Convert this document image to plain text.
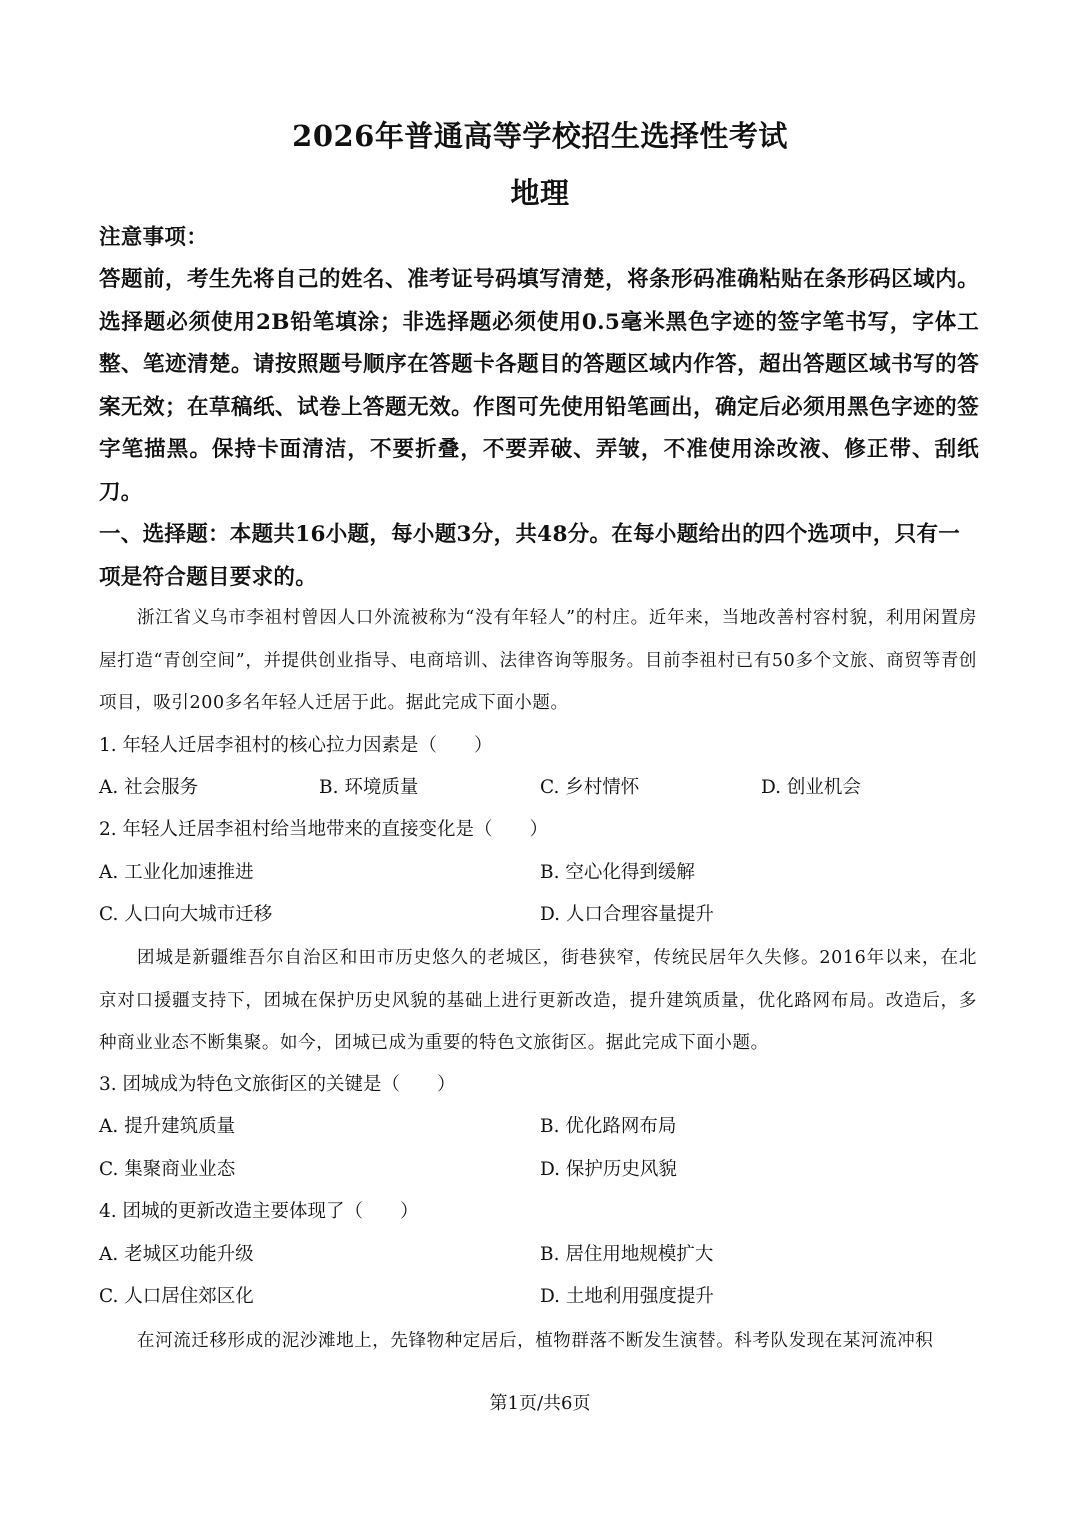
2026年普通高等学校招生选择性考试
地理
注意事项：
答题前，考生先将自己的姓名、准考证号码填写清楚，将条形码准确粘贴在条形码区域内。选择题必须使用2B铅笔填涂；非选择题必须使用0.5毫米黑色字迹的签字笔书写，字体工整、笔迹清楚。请按照题号顺序在答题卡各题目的答题区域内作答，超出答题区域书写的答案无效；在草稿纸、试卷上答题无效。作图可先使用铅笔画出，确定后必须用黑色字迹的签字笔描黑。保持卡面清洁，不要折叠，不要弄破、弄皱，不准使用涂改液、修正带、刮纸刀。
一、选择题：本题共16小题，每小题3分，共48分。在每小题给出的四个选项中，只有一项是符合题目要求的。
浙江省义乌市李祖村曾因人口外流被称为“没有年轻人”的村庄。近年来，当地改善村容村貌，利用闲置房屋打造“青创空间”，并提供创业指导、电商培训、法律咨询等服务。目前李祖村已有50多个文旅、商贸等青创项目，吸引200多名年轻人迁居于此。据此完成下面小题。
1. 年轻人迁居李祖村的核心拉力因素是（　　）
A. 社会服务	B. 环境质量	C. 乡村情怀	D. 创业机会
2. 年轻人迁居李祖村给当地带来的直接变化是（　　）
A. 工业化加速推进	B. 空心化得到缓解
C. 人口向大城市迁移	D. 人口合理容量提升
团城是新疆维吾尔自治区和田市历史悠久的老城区，街巷狭窄，传统民居年久失修。2016年以来，在北京对口援疆支持下，团城在保护历史风貌的基础上进行更新改造，提升建筑质量，优化路网布局。改造后，多种商业业态不断集聚。如今，团城已成为重要的特色文旅街区。据此完成下面小题。
3. 团城成为特色文旅街区的关键是（　　）
A. 提升建筑质量	B. 优化路网布局
C. 集聚商业业态	D. 保护历史风貌
4. 团城的更新改造主要体现了（　　）
A. 老城区功能升级	B. 居住用地规模扩大
C. 人口居住郊区化	D. 土地利用强度提升
在河流迁移形成的泥沙滩地上，先锋物种定居后，植物群落不断发生演替。科考队发现在某河流冲积
第1页/共6页
